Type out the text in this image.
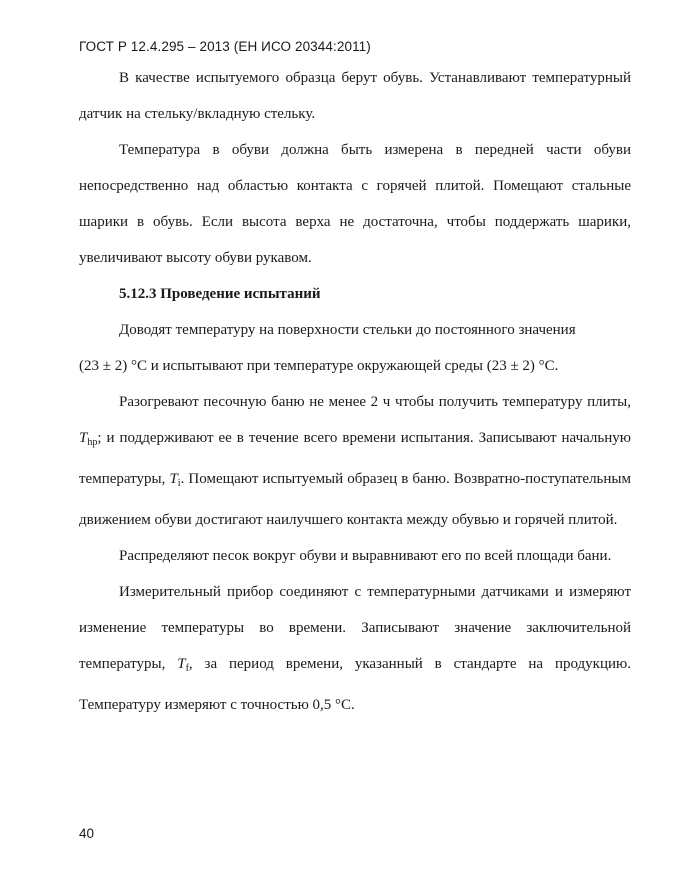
ГОСТ Р 12.4.295 – 2013 (ЕН ИСО 20344:2011)

В качестве испытуемого образца берут обувь. Устанавливают температурный датчик на стельку/вкладную стельку.

Температура в обуви должна быть измерена в передней части обуви непосредственно над областью контакта с горячей плитой. Помещают стальные шарики в обувь. Если высота верха не достаточна, чтобы поддержать шарики, увеличивают высоту обуви рукавом.

5.12.3 Проведение испытаний

Доводят температуру на поверхности стельки до постоянного значения

(23 ± 2) °С и испытывают при температуре окружающей среды (23 ± 2) °С.

Разогревают песочную баню не менее 2 ч чтобы получить температуру плиты, $T_{hp}$; и поддерживают ее в течение всего времени испытания. Записывают начальную температуры, $T_i$. Помещают испытуемый образец в баню. Возвратно-поступательным движением обуви достигают наилучшего контакта между обувью и горячей плитой.

Распределяют песок вокруг обуви и выравнивают его по всей площади бани.

Измерительный прибор соединяют с температурными датчиками и измеряют изменение температуры во времени. Записывают значение заключительной температуры, $T_f$, за период времени, указанный в стандарте на продукцию. Температуру измеряют с точностью 0,5 °С.

40
